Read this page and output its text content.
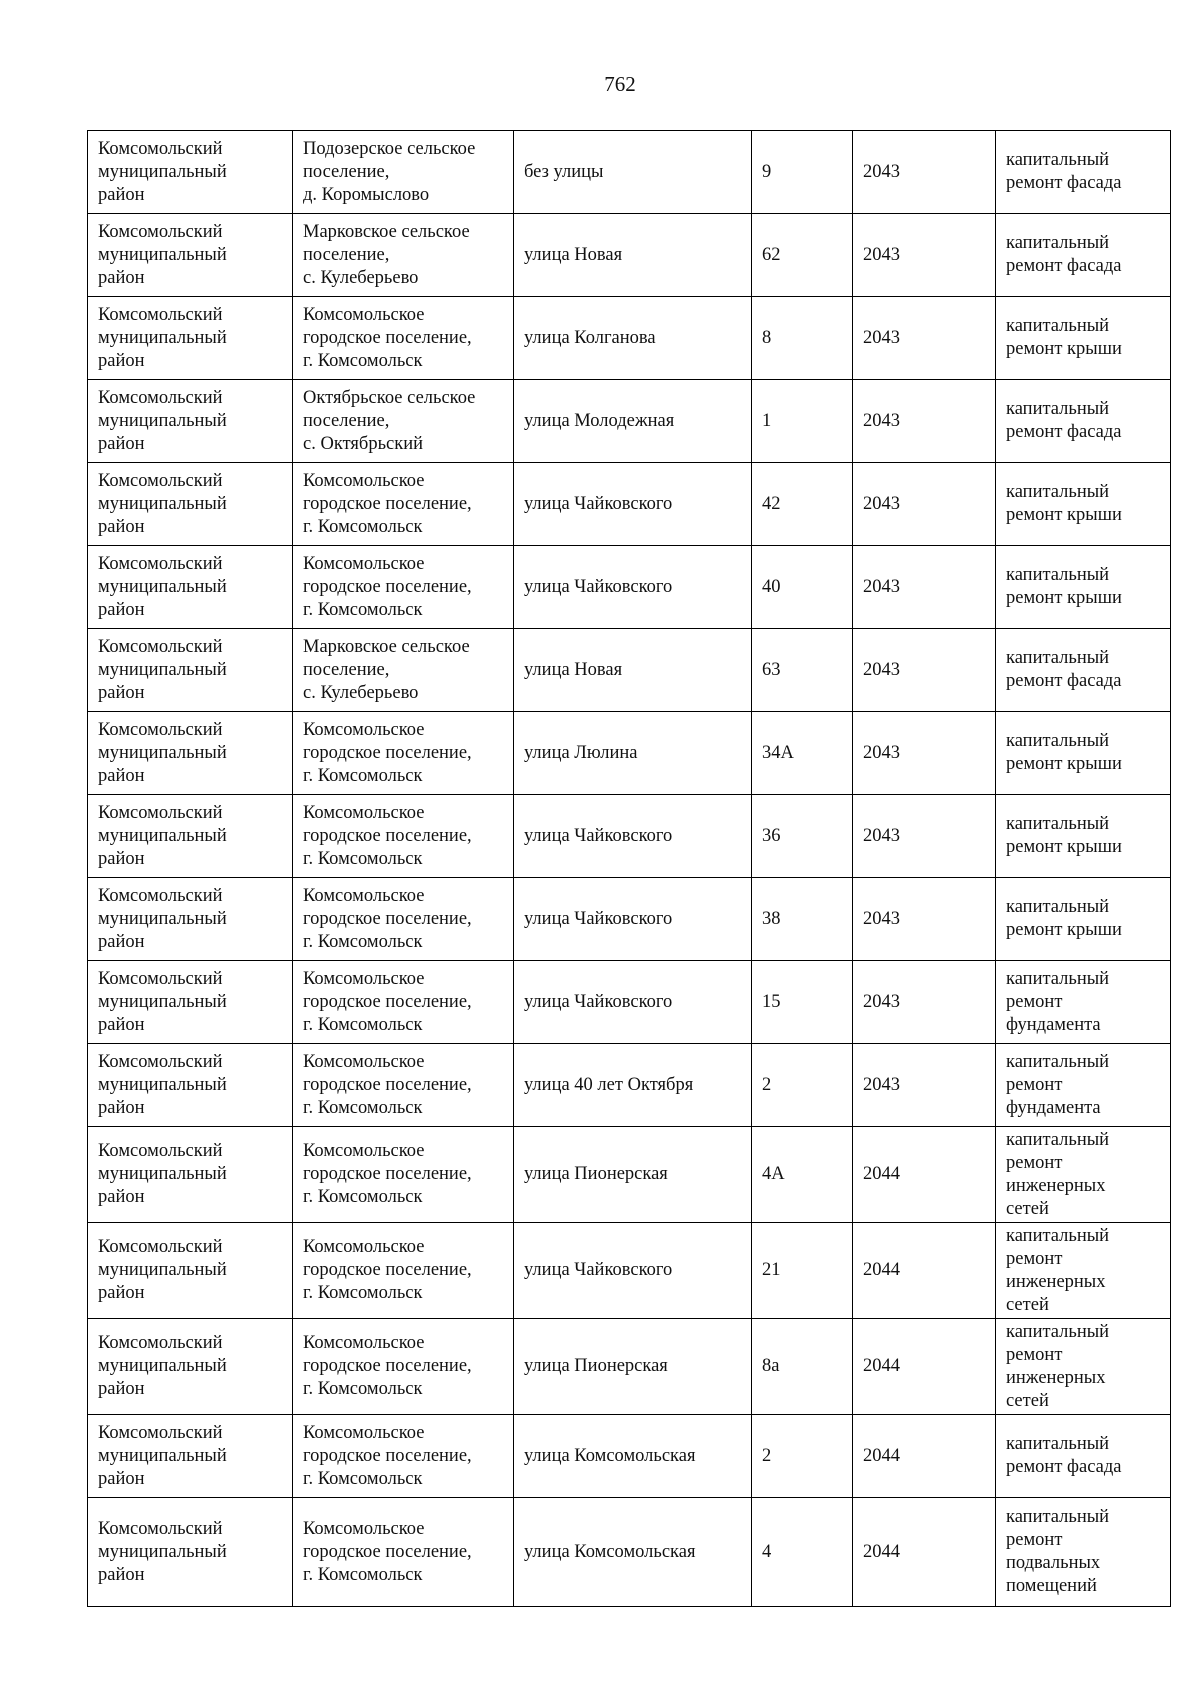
762
Комсомольский
муниципальный
район	Подозерское сельское
поселение,
д. Коромыслово	без улицы	9	2043	капитальный
ремонт фасада
Комсомольский
муниципальный
район	Марковское сельское
поселение,
с. Кулеберьево	улица Новая	62	2043	капитальный
ремонт фасада
Комсомольский
муниципальный
район	Комсомольское
городское поселение,
г. Комсомольск	улица Колганова	8	2043	капитальный
ремонт крыши
Комсомольский
муниципальный
район	Октябрьское сельское
поселение,
с. Октябрьский	улица Молодежная	1	2043	капитальный
ремонт фасада
Комсомольский
муниципальный
район	Комсомольское
городское поселение,
г. Комсомольск	улица Чайковского	42	2043	капитальный
ремонт крыши
Комсомольский
муниципальный
район	Комсомольское
городское поселение,
г. Комсомольск	улица Чайковского	40	2043	капитальный
ремонт крыши
Комсомольский
муниципальный
район	Марковское сельское
поселение,
с. Кулеберьево	улица Новая	63	2043	капитальный
ремонт фасада
Комсомольский
муниципальный
район	Комсомольское
городское поселение,
г. Комсомольск	улица Люлина	34А	2043	капитальный
ремонт крыши
Комсомольский
муниципальный
район	Комсомольское
городское поселение,
г. Комсомольск	улица Чайковского	36	2043	капитальный
ремонт крыши
Комсомольский
муниципальный
район	Комсомольское
городское поселение,
г. Комсомольск	улица Чайковского	38	2043	капитальный
ремонт крыши
Комсомольский
муниципальный
район	Комсомольское
городское поселение,
г. Комсомольск	улица Чайковского	15	2043	капитальный
ремонт
фундамента
Комсомольский
муниципальный
район	Комсомольское
городское поселение,
г. Комсомольск	улица 40 лет Октября	2	2043	капитальный
ремонт
фундамента
Комсомольский
муниципальный
район	Комсомольское
городское поселение,
г. Комсомольск	улица Пионерская	4А	2044	капитальный
ремонт
инженерных
сетей
Комсомольский
муниципальный
район	Комсомольское
городское поселение,
г. Комсомольск	улица Чайковского	21	2044	капитальный
ремонт
инженерных
сетей
Комсомольский
муниципальный
район	Комсомольское
городское поселение,
г. Комсомольск	улица Пионерская	8а	2044	капитальный
ремонт
инженерных
сетей
Комсомольский
муниципальный
район	Комсомольское
городское поселение,
г. Комсомольск	улица Комсомольская	2	2044	капитальный
ремонт фасада
Комсомольский
муниципальный
район	Комсомольское
городское поселение,
г. Комсомольск	улица Комсомольская	4	2044	капитальный
ремонт
подвальных
помещений
